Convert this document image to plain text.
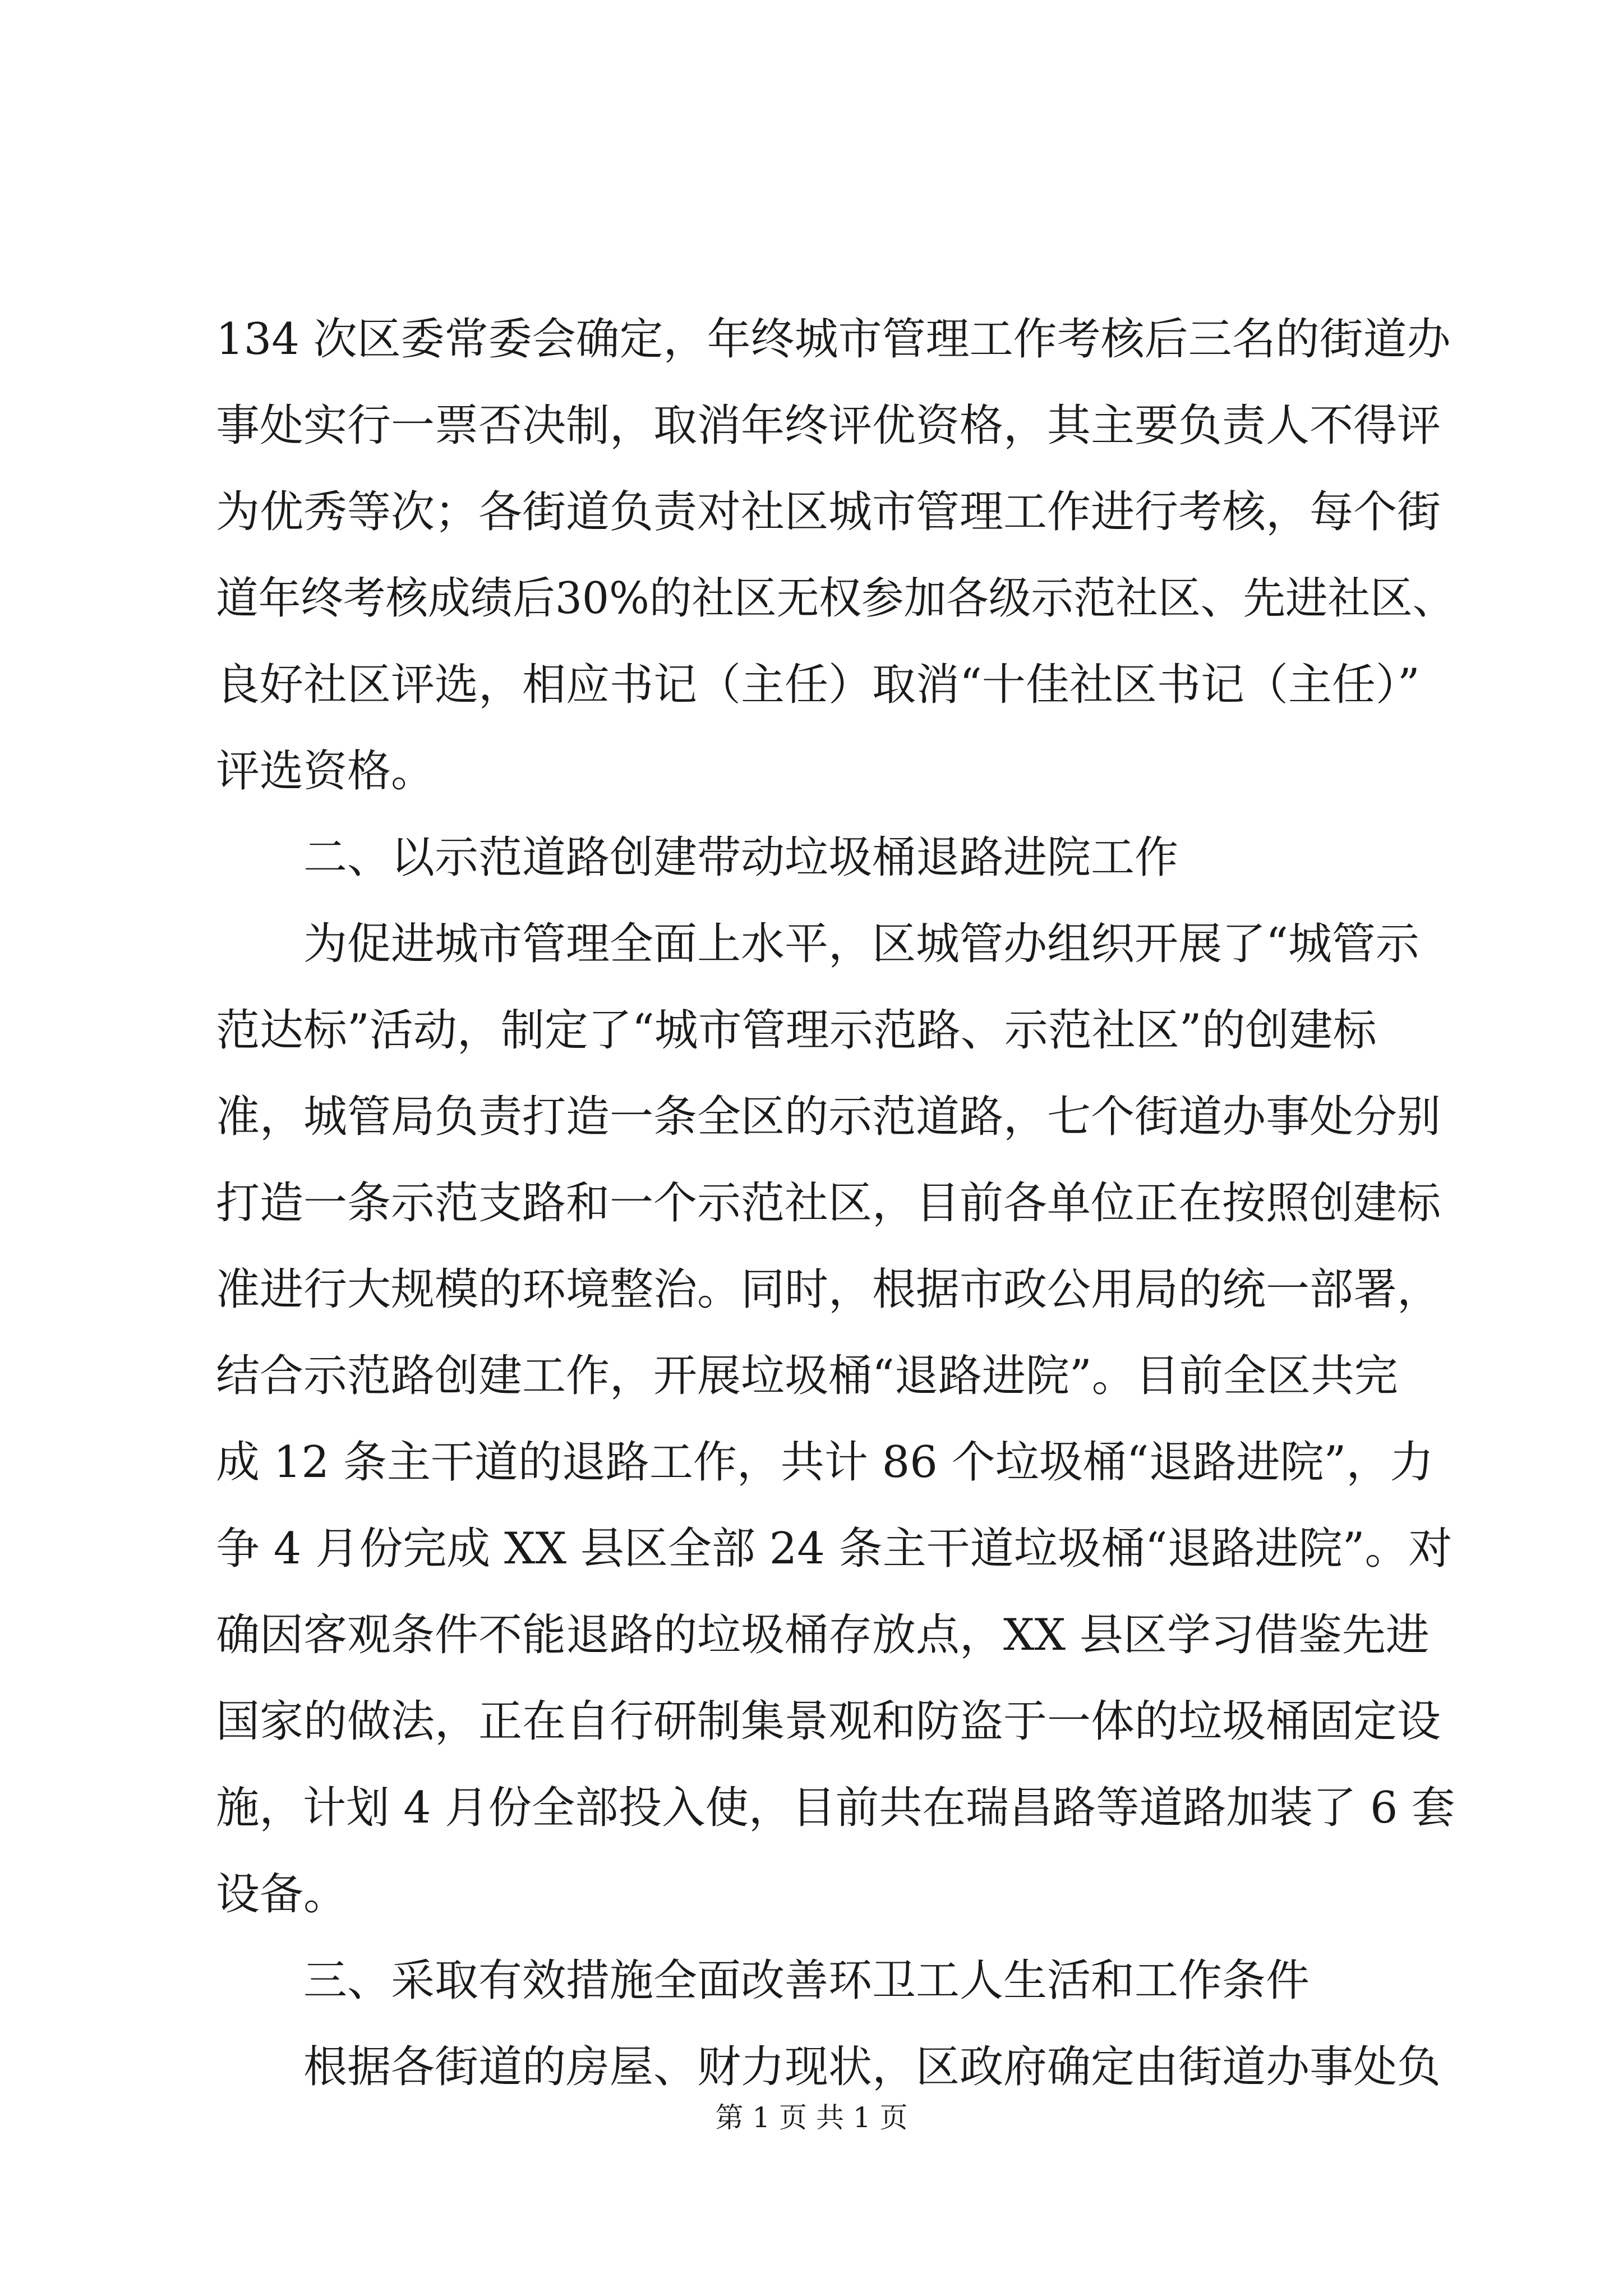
134 次区委常委会确定，年终城市管理工作考核后三名的街道办
事处实行一票否决制，取消年终评优资格，其主要负责人不得评
为优秀等次；各街道负责对社区城市管理工作进行考核，每个街
道年终考核成绩后30%的社区无权参加各级示范社区、先进社区、
良好社区评选，相应书记（主任）取消“十佳社区书记（主任）”
评选资格。
二、以示范道路创建带动垃圾桶退路进院工作
为促进城市管理全面上水平，区城管办组织开展了“城管示
范达标”活动，制定了“城市管理示范路、示范社区”的创建标
准，城管局负责打造一条全区的示范道路，七个街道办事处分别
打造一条示范支路和一个示范社区，目前各单位正在按照创建标
准进行大规模的环境整治。同时，根据市政公用局的统一部署，
结合示范路创建工作，开展垃圾桶“退路进院”。目前全区共完
成 12 条主干道的退路工作，共计 86 个垃圾桶“退路进院”，力
争 4 月份完成 XX 县区全部 24 条主干道垃圾桶“退路进院”。对
确因客观条件不能退路的垃圾桶存放点，XX 县区学习借鉴先进
国家的做法，正在自行研制集景观和防盗于一体的垃圾桶固定设
施，计划 4 月份全部投入使，目前共在瑞昌路等道路加装了 6 套
设备。
三、采取有效措施全面改善环卫工人生活和工作条件
根据各街道的房屋、财力现状，区政府确定由街道办事处负
第 1 页 共 1 页
